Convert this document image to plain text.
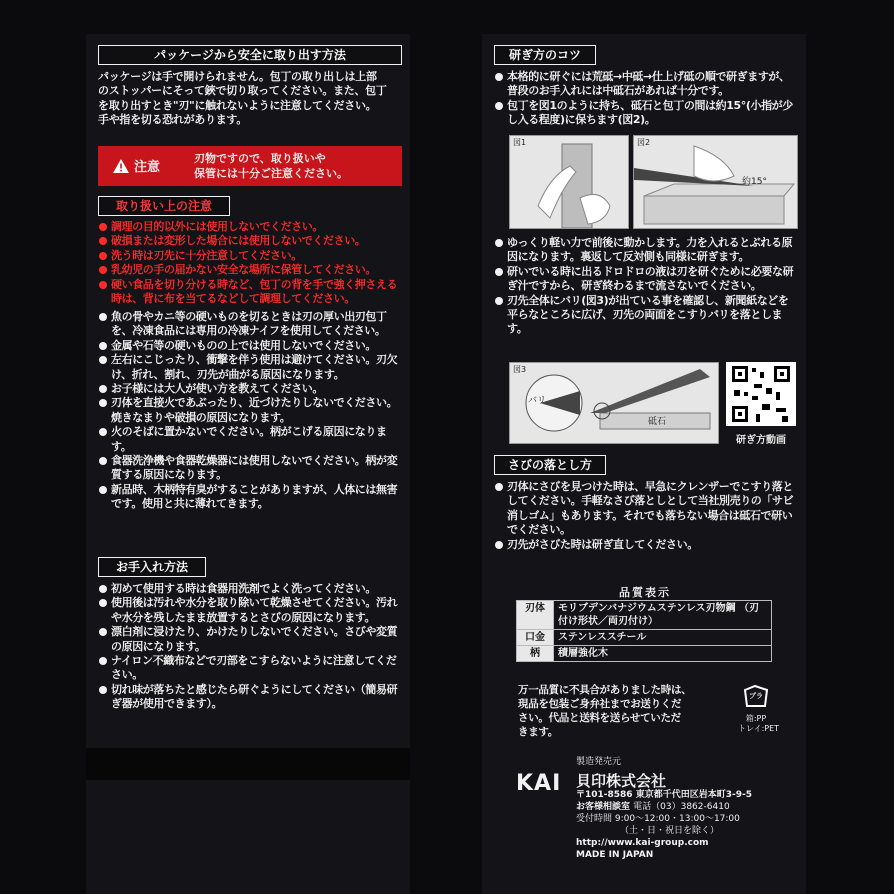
パッケージから安全に取り出す方法
パッケージは手で開けられません。包丁の取り出しは上部
のストッパーにそって鋏で切り取ってください。また、包丁
を取り出すとき"刃"に触れないように注意してください。
手や指を切る恐れがあります。
注意
刃物ですので、取り扱いや
保管には十分ご注意ください。
取り扱い上の注意
調理の目的以外には使用しないでください。
破損または変形した場合には使用しないでください。
洗う時は刃先に十分注意してください。
乳幼児の手の届かない安全な場所に保管してください。
硬い食品を切り分ける時など、包丁の背を手で強く押さえる時は、背に布を当てるなどして調理してください。
魚の骨やカニ等の硬いものを切るときは刃の厚い出刃包丁を、冷凍食品には専用の冷凍ナイフを使用してください。
金属や石等の硬いものの上では使用しないでください。
左右にこじったり、衝撃を伴う使用は避けてください。刃欠け、折れ、割れ、刃先が曲がる原因になります。
お子様には大人が使い方を教えてください。
刃体を直接火であぶったり、近づけたりしないでください。焼きなまりや破損の原因になります。
火のそばに置かないでください。柄がこげる原因になります。
食器洗浄機や食器乾燥器には使用しないでください。柄が変質する原因になります。
新品時、木柄特有臭がすることがありますが、人体には無害です。使用と共に薄れてきます。
お手入れ方法
初めて使用する時は食器用洗剤でよく洗ってください。
使用後は汚れや水分を取り除いて乾燥させてください。汚れや水分を残したまま放置するとさびの原因になります。
漂白剤に浸けたり、かけたりしないでください。さびや変質の原因になります。
ナイロン不織布などで刃部をこすらないように注意してください。
切れ味が落ちたと感じたら研ぐようにしてください（簡易研ぎ器が使用できます）。
研ぎ方のコツ
本格的に研ぐには荒砥→中砥→仕上げ砥の順で研ぎますが、普段のお手入れには中砥石があれば十分です。
包丁を図1のように持ち、砥石と包丁の間は約15°(小指が少し入る程度)に保ちます(図2)。
図1	図2
約15°
ゆっくり軽い力で前後に動かします。力を入れるとぶれる原因になります。裏返して反対側も同様に研ぎます。
研いでいる時に出るドロドロの液は刃を研ぐために必要な研ぎ汁ですから、研ぎ終わるまで流さないでください。
刃先全体にバリ(図3)が出ている事を確認し、新聞紙などを平らなところに広げ、刃先の両面をこすりバリを落とします。
図3
バリ
砥石
研ぎ方動画
さびの落とし方
刃体にさびを見つけた時は、早急にクレンザーでこすり落としてください。手軽なさび落としとして当社別売りの「サビ消しゴム」もあります。それでも落ちない場合は砥石で研いでください。
刃先がさびた時は研ぎ直してください。
品質表示
刃体	モリブデンバナジウムステンレス刃物鋼 （刃付け形状／両刃付け）
口金	ステンレススチール
柄	積層強化木
万一品質に不具合がありました時は、
現品を包装ご身弁社までお送りくだ
さい。代品と送料を送らせていただ
きます。
プラ
箱:PP
トレイ:PET
製造発売元
KAI 貝印株式会社
〒101-8586 東京都千代田区岩本町3-9-5
お客様相談室 電話（03）3862-6410
受付時間 9:00～12:00・13:00～17:00
（土・日・祝日を除く）
http://www.kai-group.com
MADE IN JAPAN
